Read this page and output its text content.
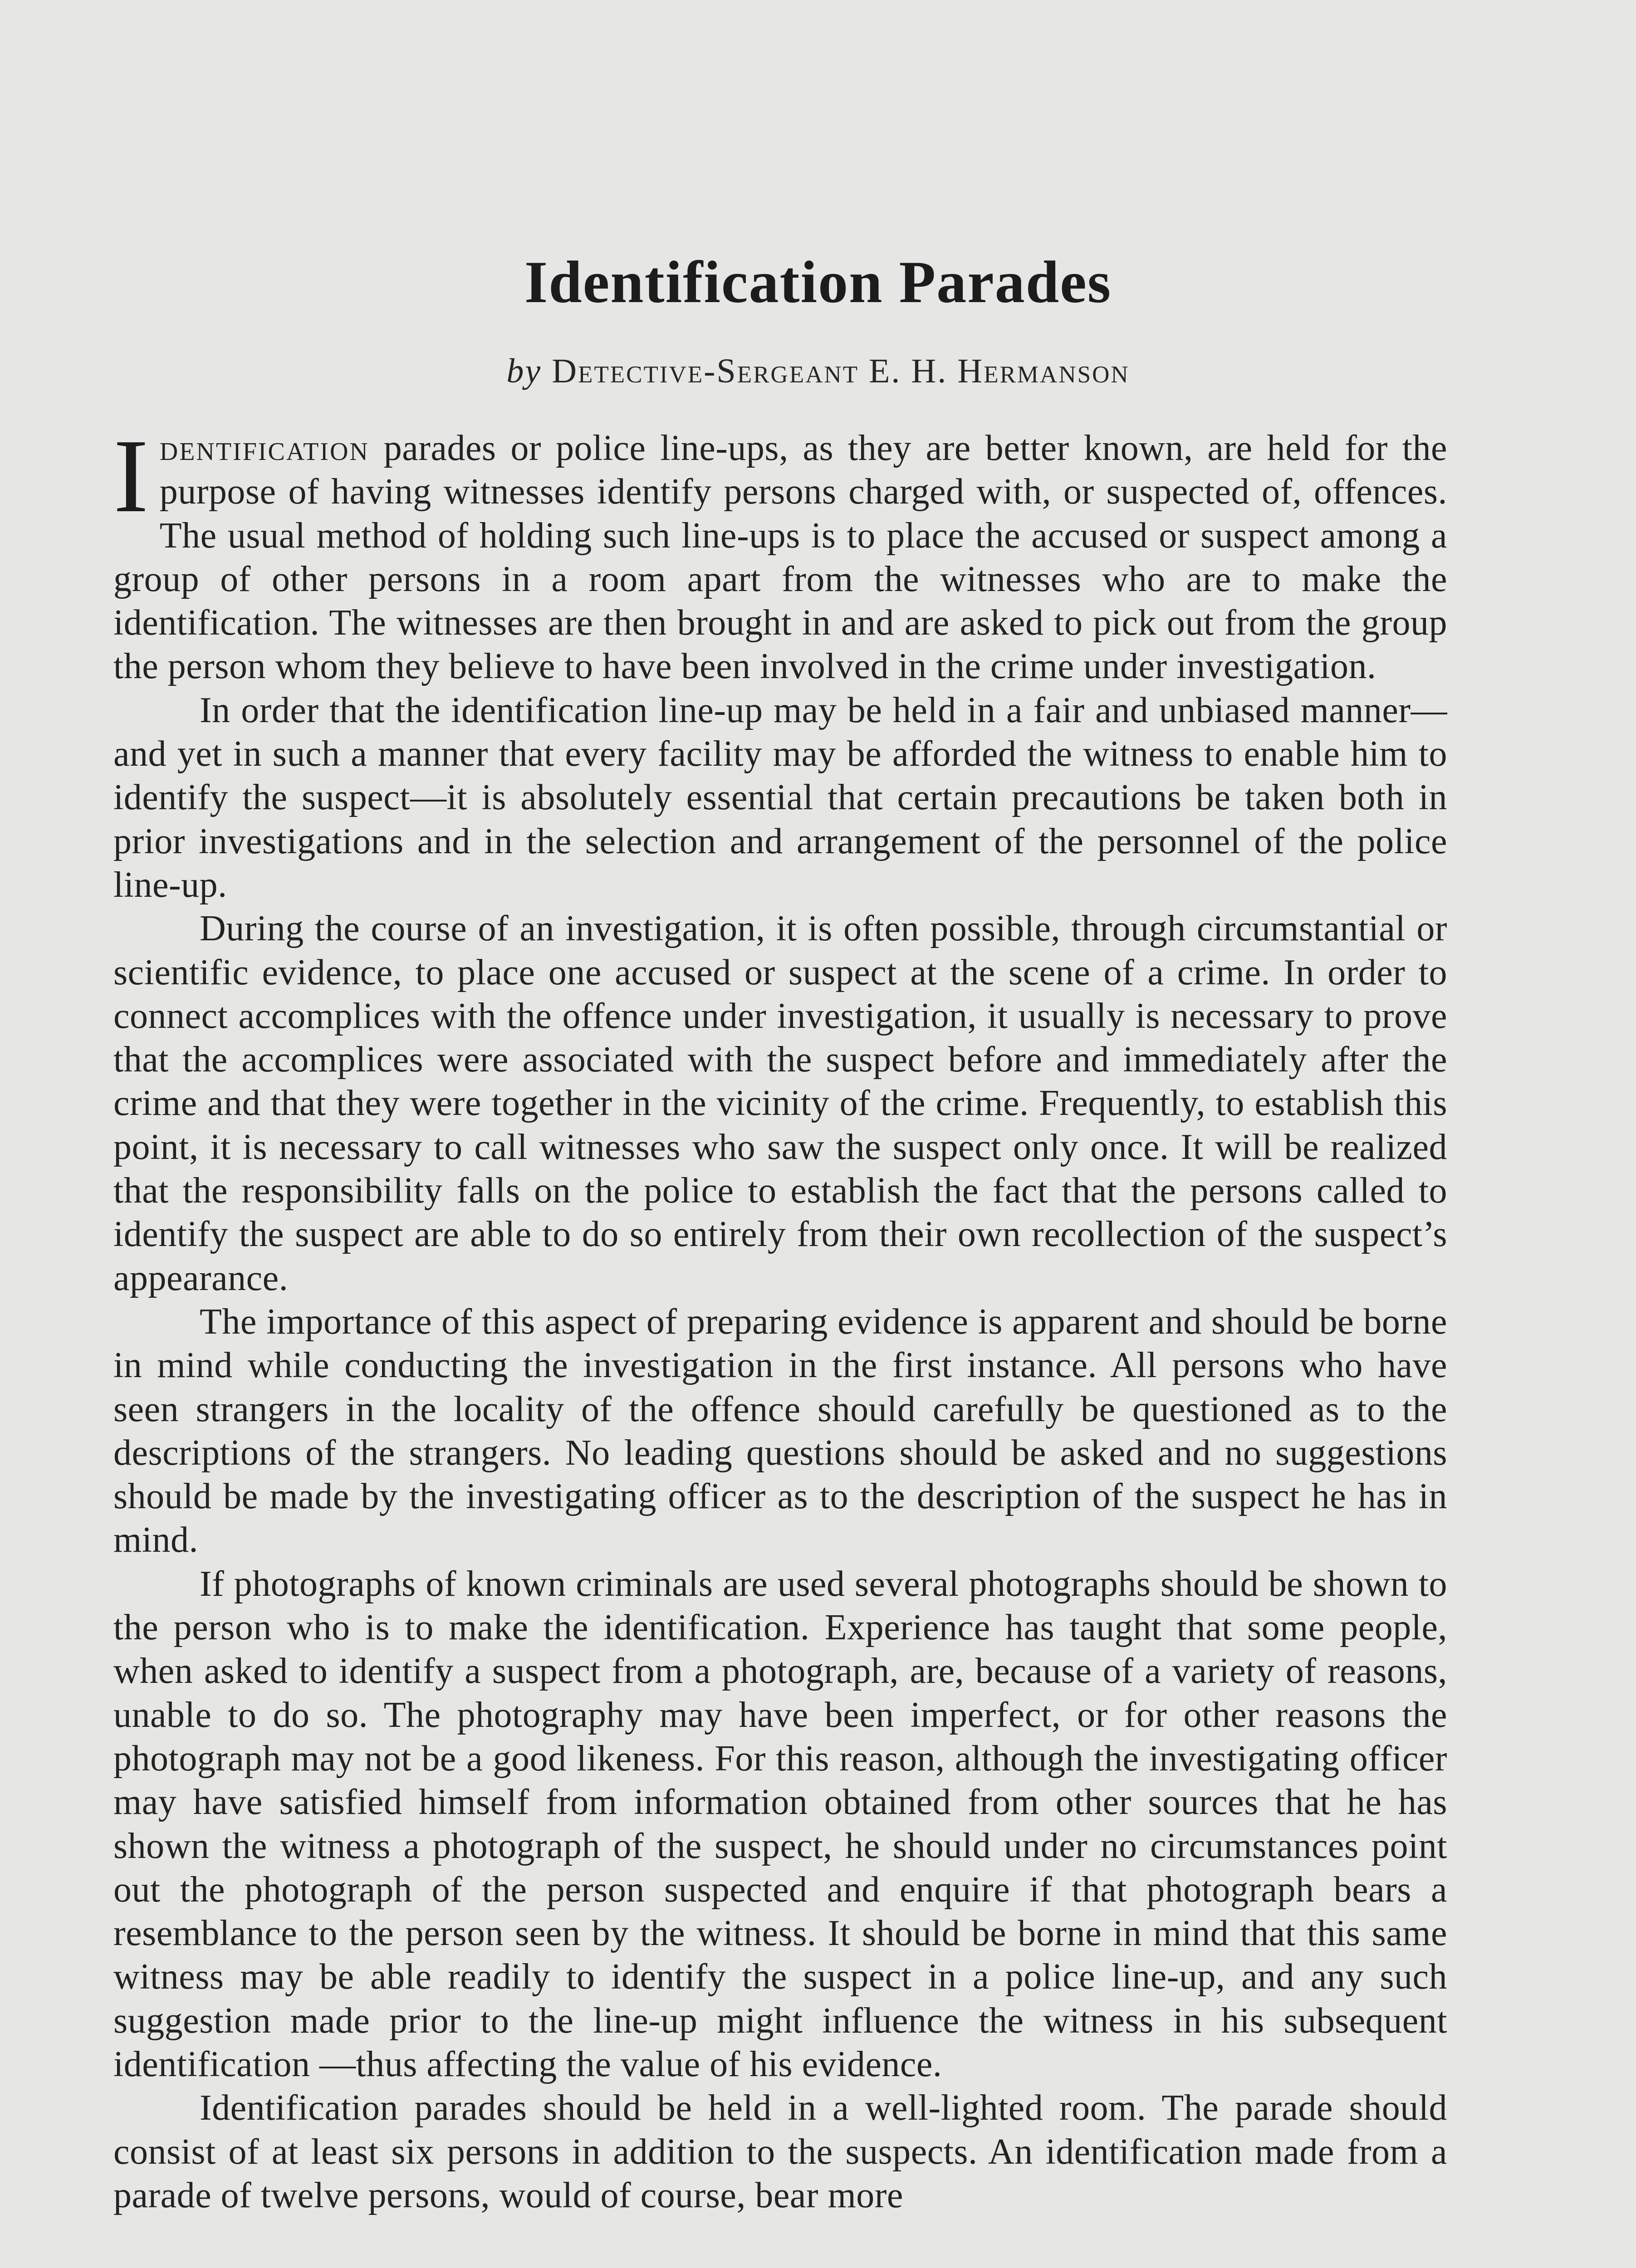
Identification Parades
by Detective-Sergeant E. H. Hermanson

Identification parades or police line-ups, as they are better known, are held for the purpose of having witnesses identify persons charged with, or suspected of, offences. The usual method of holding such line-ups is to place the accused or suspect among a group of other persons in a room apart from the witnesses who are to make the identification. The witnesses are then brought in and are asked to pick out from the group the person whom they believe to have been involved in the crime under investigation.

In order that the identification line-up may be held in a fair and unbiased manner—and yet in such a manner that every facility may be afforded the witness to enable him to identify the suspect—it is absolutely essential that certain precautions be taken both in prior investigations and in the selection and arrangement of the personnel of the police line-up.

During the course of an investigation, it is often possible, through circumstantial or scientific evidence, to place one accused or suspect at the scene of a crime. In order to connect accomplices with the offence under investigation, it usually is necessary to prove that the accomplices were associated with the suspect before and immediately after the crime and that they were together in the vicinity of the crime. Frequently, to establish this point, it is necessary to call witnesses who saw the suspect only once. It will be realized that the responsibility falls on the police to establish the fact that the persons called to identify the suspect are able to do so entirely from their own recollection of the suspect’s appearance.

The importance of this aspect of preparing evidence is apparent and should be borne in mind while conducting the investigation in the first instance. All persons who have seen strangers in the locality of the offence should carefully be questioned as to the descriptions of the strangers. No leading questions should be asked and no suggestions should be made by the investigating officer as to the description of the suspect he has in mind.

If photographs of known criminals are used several photographs should be shown to the person who is to make the identification. Experience has taught that some people, when asked to identify a suspect from a photograph, are, because of a variety of reasons, unable to do so. The photography may have been imperfect, or for other reasons the photograph may not be a good likeness. For this reason, although the investigating officer may have satisfied himself from information obtained from other sources that he has shown the witness a photograph of the suspect, he should under no circumstances point out the photograph of the person suspected and enquire if that photograph bears a resemblance to the person seen by the witness. It should be borne in mind that this same witness may be able readily to identify the suspect in a police line-up, and any such suggestion made prior to the line-up might influence the witness in his subsequent identification —thus affecting the value of his evidence.

Identification parades should be held in a well-lighted room. The parade should consist of at least six persons in addition to the suspects. An identification made from a parade of twelve persons, would of course, bear more
